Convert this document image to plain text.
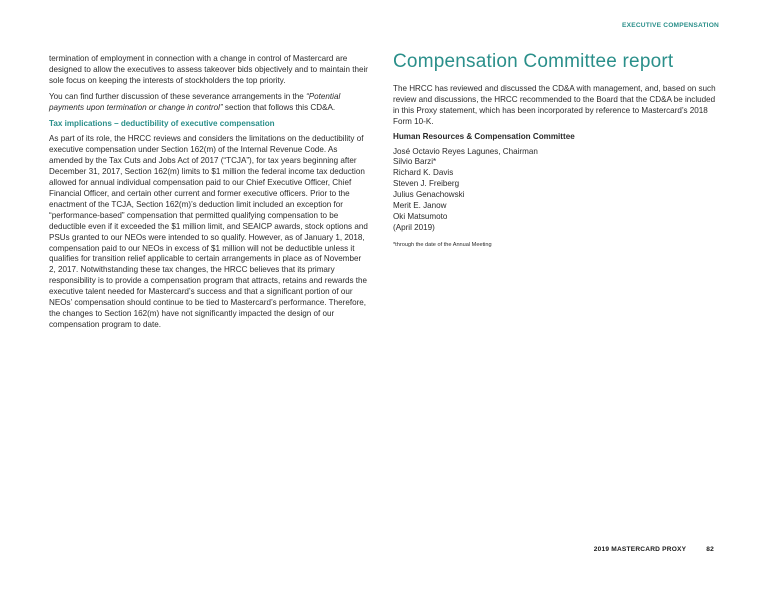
EXECUTIVE COMPENSATION

termination of employment in connection with a change in control of Mastercard are designed to allow the executives to assess takeover bids objectively and to maintain their sole focus on keeping the interests of stockholders the top priority.

You can find further discussion of these severance arrangements in the “Potential payments upon termination or change in control” section that follows this CD&A.

Tax implications – deductibility of executive compensation

As part of its role, the HRCC reviews and considers the limitations on the deductibility of executive compensation under Section 162(m) of the Internal Revenue Code. As amended by the Tax Cuts and Jobs Act of 2017 (“TCJA”), for tax years beginning after December 31, 2017, Section 162(m) limits to $1 million the federal income tax deduction allowed for annual individual compensation paid to our Chief Executive Officer, Chief Financial Officer, and certain other current and former executive officers. Prior to the enactment of the TCJA, Section 162(m)’s deduction limit included an exception for “performance-based” compensation that permitted qualifying compensation to be deductible even if it exceeded the $1 million limit, and SEAICP awards, stock options and PSUs granted to our NEOs were intended to so qualify. However, as of January 1, 2018, compensation paid to our NEOs in excess of $1 million will not be deductible unless it qualifies for transition relief applicable to certain arrangements in place as of November 2, 2017. Notwithstanding these tax changes, the HRCC believes that its primary responsibility is to provide a compensation program that attracts, retains and rewards the executive talent needed for Mastercard’s success and that a significant portion of our NEOs’ compensation should continue to be tied to Mastercard’s performance. Therefore, the changes to Section 162(m) have not significantly impacted the design of our compensation program to date.

Compensation Committee report

The HRCC has reviewed and discussed the CD&A with management, and, based on such review and discussions, the HRCC recommended to the Board that the CD&A be included in this Proxy statement, which has been incorporated by reference to Mastercard’s 2018 Form 10-K.

Human Resources & Compensation Committee

José Octavio Reyes Lagunes, Chairman
Silvio Barzi*
Richard K. Davis
Steven J. Freiberg
Julius Genachowski
Merit E. Janow
Oki Matsumoto
(April 2019)

*through the date of the Annual Meeting

2019 MASTERCARD PROXY	82
